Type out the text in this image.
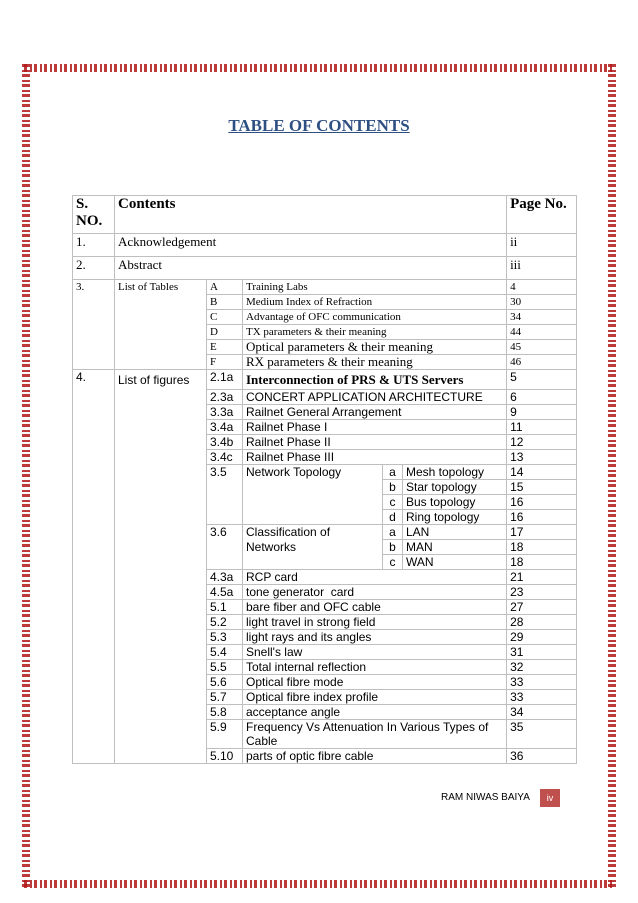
TABLE OF CONTENTS
S. NO.	Contents					Page No.
1.	Acknowledgement					ii
2.	Abstract					iii
3.	List of Tables	A	Training Labs			4
		B	Medium Index of Refraction			30
		C	Advantage of OFC communication			34
		D	TX parameters & their meaning			44
		E	Optical parameters & their meaning			45
		F	RX parameters & their meaning			46
4.	List of figures	2.1a	Interconnection of PRS & UTS Servers			5
		2.3a	CONCERT APPLICATION ARCHITECTURE			6
		3.3a	Railnet General Arrangement			9
		3.4a	Railnet Phase I			11
		3.4b	Railnet Phase II			12
		3.4c	Railnet Phase III			13
		3.5	Network Topology	a	Mesh topology	14
				b	Star topology	15
				c	Bus topology	16
				d	Ring topology	16
		3.6	Classification of Networks	a	LAN	17
				b	MAN	18
				c	WAN	18
		4.3a	RCP card			21
		4.5a	tone generator  card			23
		5.1	bare fiber and OFC cable			27
		5.2	light travel in strong field			28
		5.3	light rays and its angles			29
		5.4	Snell's law			31
		5.5	Total internal reflection			32
		5.6	Optical fibre mode			33
		5.7	Optical fibre index profile			33
		5.8	acceptance angle			34
		5.9	Frequency Vs Attenuation In Various Types of Cable			35
		5.10	parts of optic fibre cable			36
RAM NIWAS BAIYA	iv
